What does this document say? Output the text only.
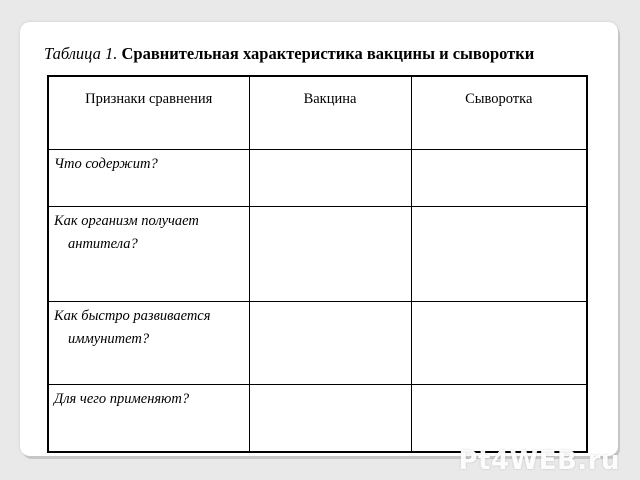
Таблица 1. Сравнительная характеристика вакцины и сыворотки
Признаки сравнения	Вакцина	Сыворотка
Что содержит?		
Как организм получает антитела?		
Как быстро развивается иммунитет?		
Для чего применяют?		
Pt4WEB.ru
